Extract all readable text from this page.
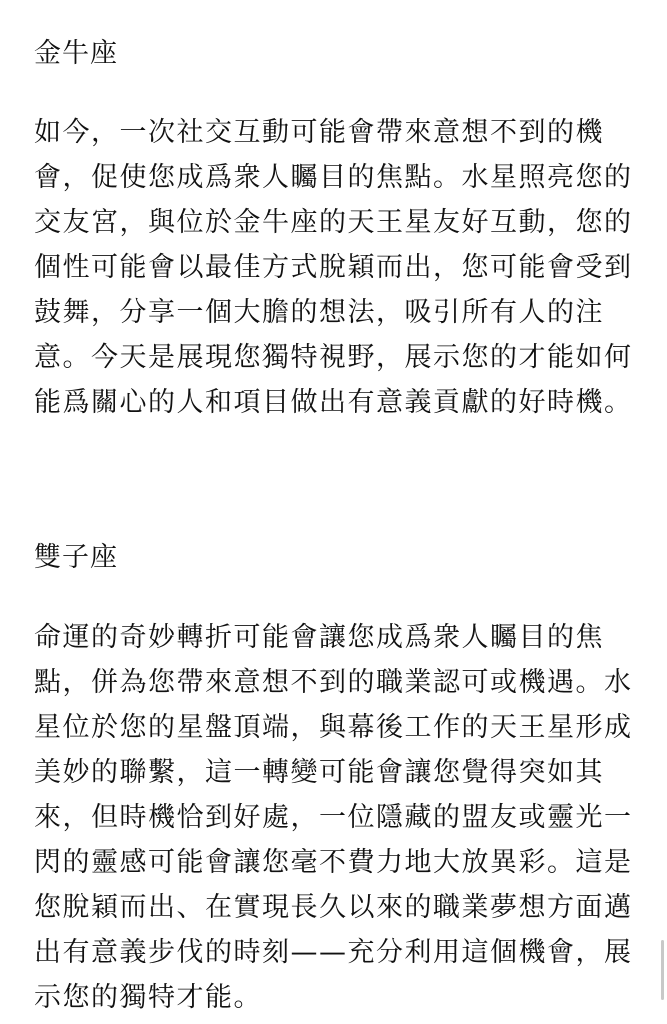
金牛座

如今，一次社交互動可能會帶來意想不到的機會，促使您成爲衆人矚目的焦點。水星照亮您的交友宮，與位於金牛座的天王星友好互動，您的個性可能會以最佳方式脫穎而出，您可能會受到鼓舞，分享一個大膽的想法，吸引所有人的注意。今天是展現您獨特視野，展示您的才能如何能爲關心的人和項目做出有意義貢獻的好時機。

雙子座

命運的奇妙轉折可能會讓您成爲衆人矚目的焦點，併為您帶來意想不到的職業認可或機遇。水星位於您的星盤頂端，與幕後工作的天王星形成美妙的聯繫，這一轉變可能會讓您覺得突如其來，但時機恰到好處，一位隱藏的盟友或靈光一閃的靈感可能會讓您毫不費力地大放異彩。這是您脫穎而出、在實現長久以來的職業夢想方面邁出有意義步伐的時刻——充分利用這個機會，展示您的獨特才能。
